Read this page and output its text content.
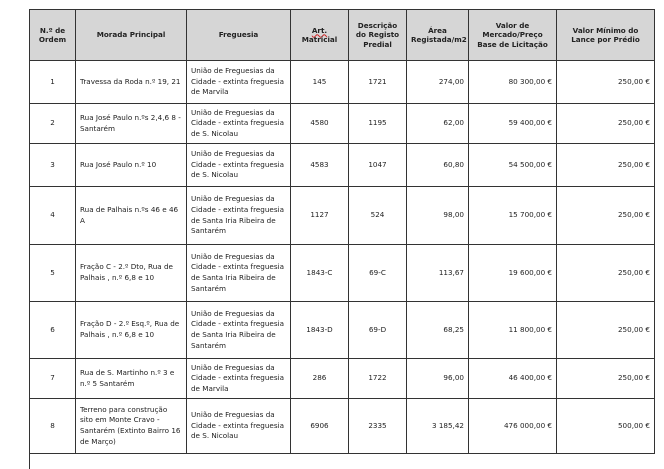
N.º de
Ordem	Morada Principal	Freguesia	Art. Matricial	Descrição do Registo Predial	Área Registada/m2	Valor de Mercado/Preço Base de Licitação	Valor Mínimo do Lance por Prédio
1	Travessa da Roda n.º 19, 21	União de Freguesias da Cidade - extinta freguesia de Marvila	145	1721	274,00	80 300,00 €	250,00 €
2	Rua José Paulo n.ºs 2,4,6 8 - Santarém	União de Freguesias da Cidade - extinta freguesia de S. Nicolau	4580	1195	62,00	59 400,00 €	250,00 €
3	Rua José Paulo n.º 10	União de Freguesias da Cidade - extinta freguesia de S. Nicolau	4583	1047	60,80	54 500,00 €	250,00 €
4	Rua de Palhais n.ºs 46 e 46 A	União de Freguesias da Cidade - extinta freguesia de Santa Iria Ribeira de Santarém	1127	524	98,00	15 700,00 €	250,00 €
5	Fração C - 2.º Dto, Rua de Palhais , n.º 6,8 e 10	União de Freguesias da Cidade - extinta freguesia de Santa Iria Ribeira de Santarém	1843-C	69-C	113,67	19 600,00 €	250,00 €
6	Fração D - 2.º Esq.º, Rua de Palhais , n.º 6,8 e 10	União de Freguesias da Cidade - extinta freguesia de Santa Iria Ribeira de Santarém	1843-D	69-D	68,25	11 800,00 €	250,00 €
7	Rua de S. Martinho n.º 3 e n.º 5 Santarém	União de Freguesias da Cidade - extinta freguesia de Marvila	286	1722	96,00	46 400,00 €	250,00 €
8	Terreno para construção sito em Monte Cravo - Santarém (Extinto Bairro 16 de Março)	União de Freguesias da Cidade - extinta freguesia de S. Nicolau	6906	2335	3 185,42	476 000,00 €	500,00 €
